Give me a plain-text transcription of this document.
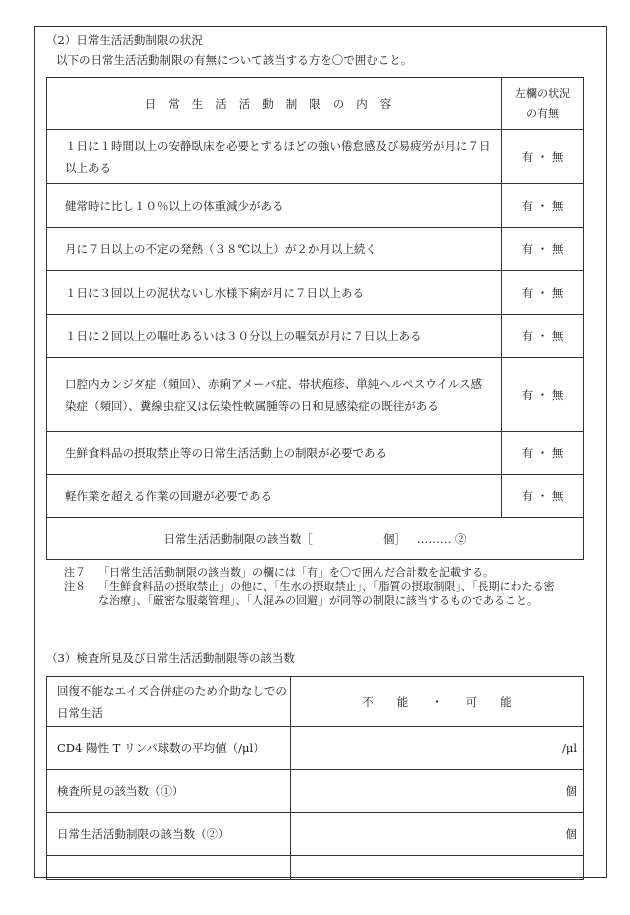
（2）日常生活活動制限の状況
以下の日常生活活動制限の有無について該当する方を〇で囲むこと。
日常生活活動制限の内容	左欄の状況
の有無

１日に１時間以上の安静臥床を必要とするほどの強い倦怠感及び易疲労が月に７日以上ある	有 ・ 無
健常時に比し１０％以上の体重減少がある	有 ・ 無
月に７日以上の不定の発熱（３８℃以上）が２か月以上続く	有 ・ 無
１日に３回以上の泥状ないし水様下痢が月に７日以上ある	有 ・ 無
１日に２回以上の嘔吐あるいは３０分以上の嘔気が月に７日以上ある	有 ・ 無
口腔内カンジダ症（頻回）、赤痢アメーバ症、帯状疱疹、単純ヘルペスウイルス感染症（頻回）、糞線虫症又は伝染性軟属腫等の日和見感染症の既往がある	有 ・ 無
生鮮食料品の摂取禁止等の日常生活活動上の制限が必要である	有 ・ 無
軽作業を超える作業の回避が必要である	有 ・ 無
日常生活活動制限の該当数［ 個］ ……… ②	
注７	「日常生活活動制限の該当数」の欄には「有」を〇で囲んだ合計数を記載する。
注８	「生鮮食料品の摂取禁止」の他に、「生水の摂取禁止」、「脂質の摂取制限」、「長期にわたる密な治療」、「厳密な服薬管理」、「人混みの回避」が同等の制限に該当するものであること。
（3）検査所見及び日常生活活動制限等の該当数
回復不能なエイズ合併症のため介助なしでの日常生活	不　　能　　・　　可　　能
CD4 陽性 T リンパ球数の平均値（/μl）	/μl
検査所見の該当数（①）	個
日常生活活動制限の該当数（②）	個
